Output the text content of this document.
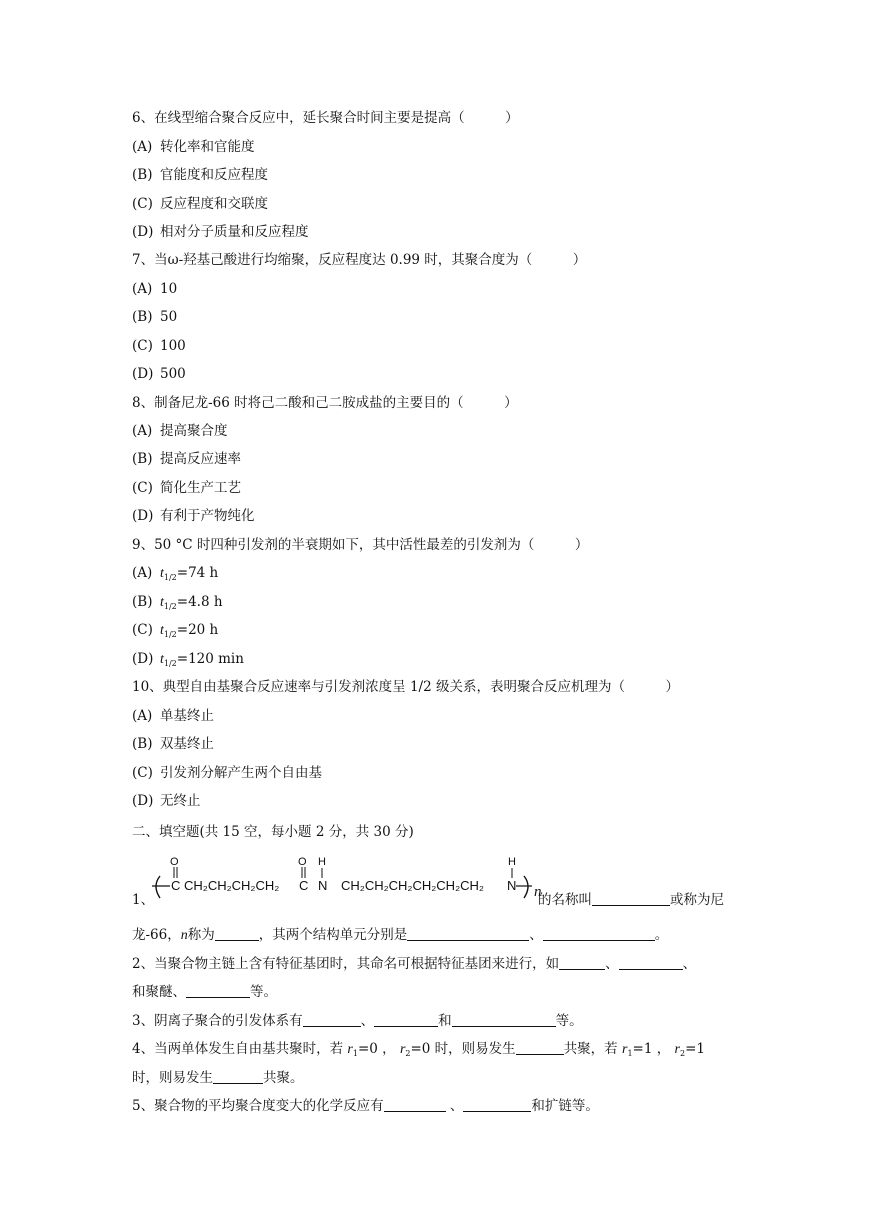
6、在线型缩合聚合反应中，延长聚合时间主要是提高（　　　）
(A) 转化率和官能度
(B) 官能度和反应程度
(C) 反应程度和交联度
(D) 相对分子质量和反应程度
7、当ω-羟基己酸进行均缩聚，反应程度达 0.99 时，其聚合度为（　　　）
(A) 10
(B) 50
(C) 100
(D) 500
8、制备尼龙-66 时将己二酸和己二胺成盐的主要目的（　　　）
(A) 提高聚合度
(B) 提高反应速率
(C) 简化生产工艺
(D) 有利于产物纯化
9、50 °C 时四种引发剂的半衰期如下，其中活性最差的引发剂为（　　　）
(A) $t_{1/2}=74$ h
(B) $t_{1/2}=4.8$ h
(C) $t_{1/2}=20$ h
(D) $t_{1/2}=120$ min
10、典型自由基聚合反应速率与引发剂浓度呈 1/2 级关系，表明聚合反应机理为（　　　）
(A) 单基终止
(B) 双基终止
(C) 引发剂分解产生两个自由基
(D) 无终止
二、填空题(共 15 空，每小题 2 分，共 30 分)
1、
O	O H	H
C CH₂CH₂CH₂CH₂ C N CH₂CH₂CH₂CH₂CH₂CH₂ N n
的名称叫	或称为尼
龙-66，n称为	，其两个结构单元分别是	、	。
2、当聚合物主链上含有特征基团时，其命名可根据特征基团来进行，如	、	、
和聚醚、	等。
3、阴离子聚合的引发体系有	、	和	等。
4、当两单体发生自由基共聚时，若 $r_1=0$ ， $r_2=0$ 时，则易发生	共聚，若 $r_1=1$ ， $r_2=1$
时，则易发生	共聚。
5、聚合物的平均聚合度变大的化学反应有	、	和扩链等。
